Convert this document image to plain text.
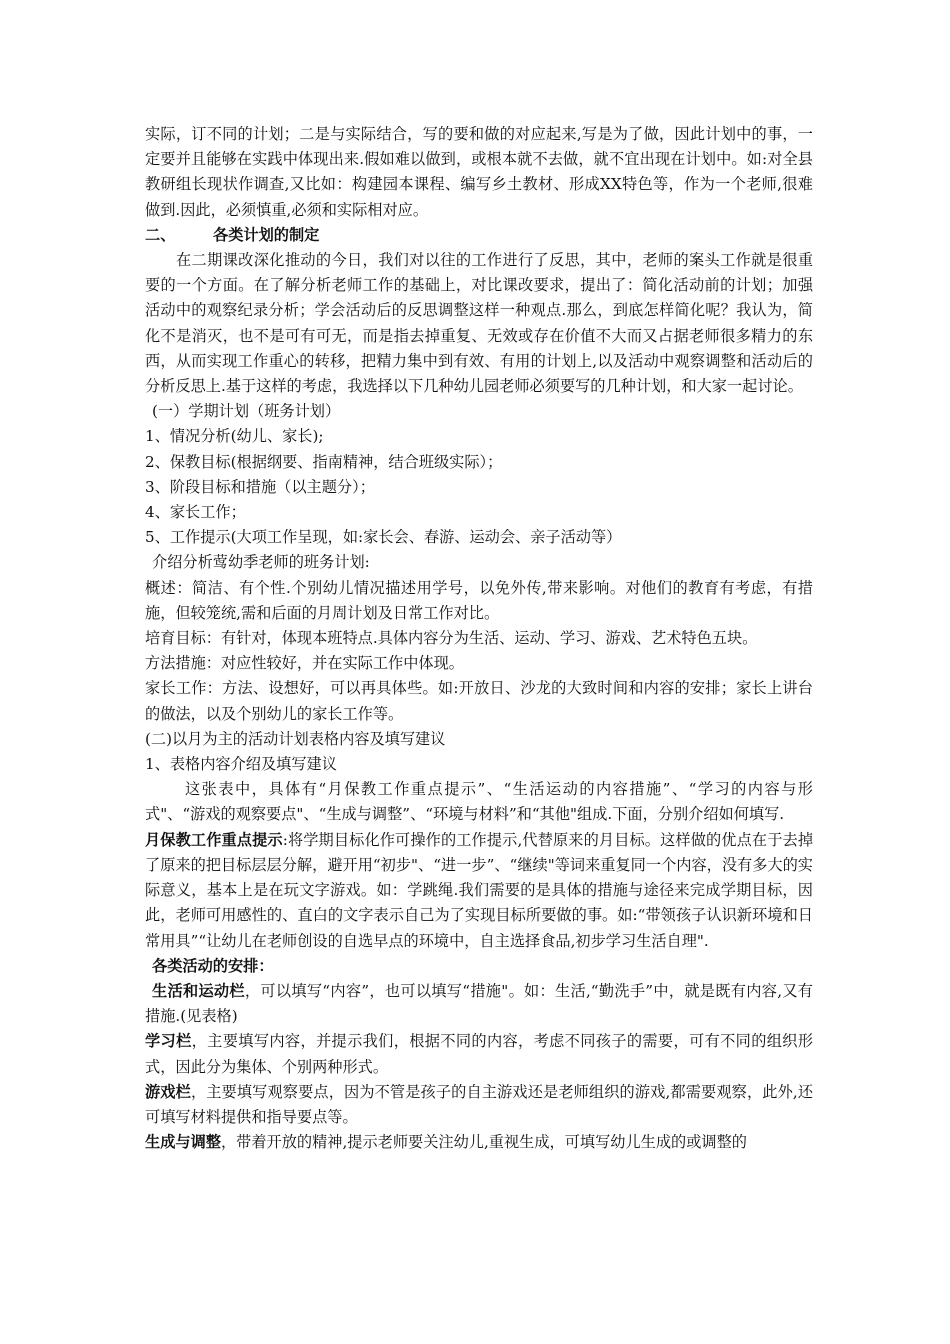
实际，订不同的计划；二是与实际结合，写的要和做的对应起来,写是为了做，因此计划中的事，一定要并且能够在实践中体现出来.假如难以做到，或根本就不去做，就不宜出现在计划中。如:对全县教研组长现状作调查,又比如：构建园本课程、编写乡土教材、形成XX特色等，作为一个老师,很难做到.因此，必须慎重,必须和实际相对应。

二、 各类计划的制定

在二期课改深化推动的今日，我们对以往的工作进行了反思，其中，老师的案头工作就是很重要的一个方面。在了解分析老师工作的基础上，对比课改要求，提出了：简化活动前的计划；加强活动中的观察纪录分析；学会活动后的反思调整这样一种观点.那么，到底怎样简化呢？我认为，简化不是消灭，也不是可有可无，而是指去掉重复、无效或存在价值不大而又占据老师很多精力的东西，从而实现工作重心的转移，把精力集中到有效、有用的计划上,以及活动中观察调整和活动后的分析反思上.基于这样的考虑，我选择以下几种幼儿园老师必须要写的几种计划，和大家一起讨论。

(一）学期计划（班务计划）

1、情况分析(幼儿、家长);

2、保教目标(根据纲要、指南精神，结合班级实际）；

3、阶段目标和措施（以主题分）；

4、家长工作；

5、工作提示(大项工作呈现，如:家长会、春游、运动会、亲子活动等）

介绍分析莺幼季老师的班务计划:

概述：简洁、有个性.个别幼儿情况描述用学号，以免外传,带来影响。对他们的教育有考虑，有措施，但较笼统,需和后面的月周计划及日常工作对比。

培育目标：有针对，体现本班特点.具体内容分为生活、运动、学习、游戏、艺术特色五块。

方法措施：对应性较好，并在实际工作中体现。

家长工作：方法、设想好，可以再具体些。如:开放日、沙龙的大致时间和内容的安排；家长上讲台的做法，以及个别幼儿的家长工作等。

(二)以月为主的活动计划表格内容及填写建议

1、表格内容介绍及填写建议

这张表中，具体有“月保教工作重点提示”、“生活运动的内容措施”、“学习的内容与形式"、“游戏的观察要点"、“生成与调整”、“环境与材料”和“其他"组成.下面，分别介绍如何填写.

月保教工作重点提示:将学期目标化作可操作的工作提示,代替原来的月目标。这样做的优点在于去掉了原来的把目标层层分解，避开用“初步"、“进一步”、“继续"等词来重复同一个内容，没有多大的实际意义，基本上是在玩文字游戏。如：学跳绳.我们需要的是具体的措施与途径来完成学期目标，因此，老师可用感性的、直白的文字表示自己为了实现目标所要做的事。如:“带领孩子认识新环境和日常用具”“让幼儿在老师创设的自选早点的环境中，自主选择食品,初步学习生活自理".

各类活动的安排：

生活和运动栏，可以填写“内容”，也可以填写“措施"。如：生活,“勤洗手”中，就是既有内容,又有措施.(见表格)

学习栏，主要填写内容，并提示我们，根据不同的内容，考虑不同孩子的需要，可有不同的组织形式，因此分为集体、个别两种形式。

游戏栏，主要填写观察要点，因为不管是孩子的自主游戏还是老师组织的游戏,都需要观察，此外,还可填写材料提供和指导要点等。

生成与调整，带着开放的精神,提示老师要关注幼儿,重视生成，可填写幼儿生成的或调整的
